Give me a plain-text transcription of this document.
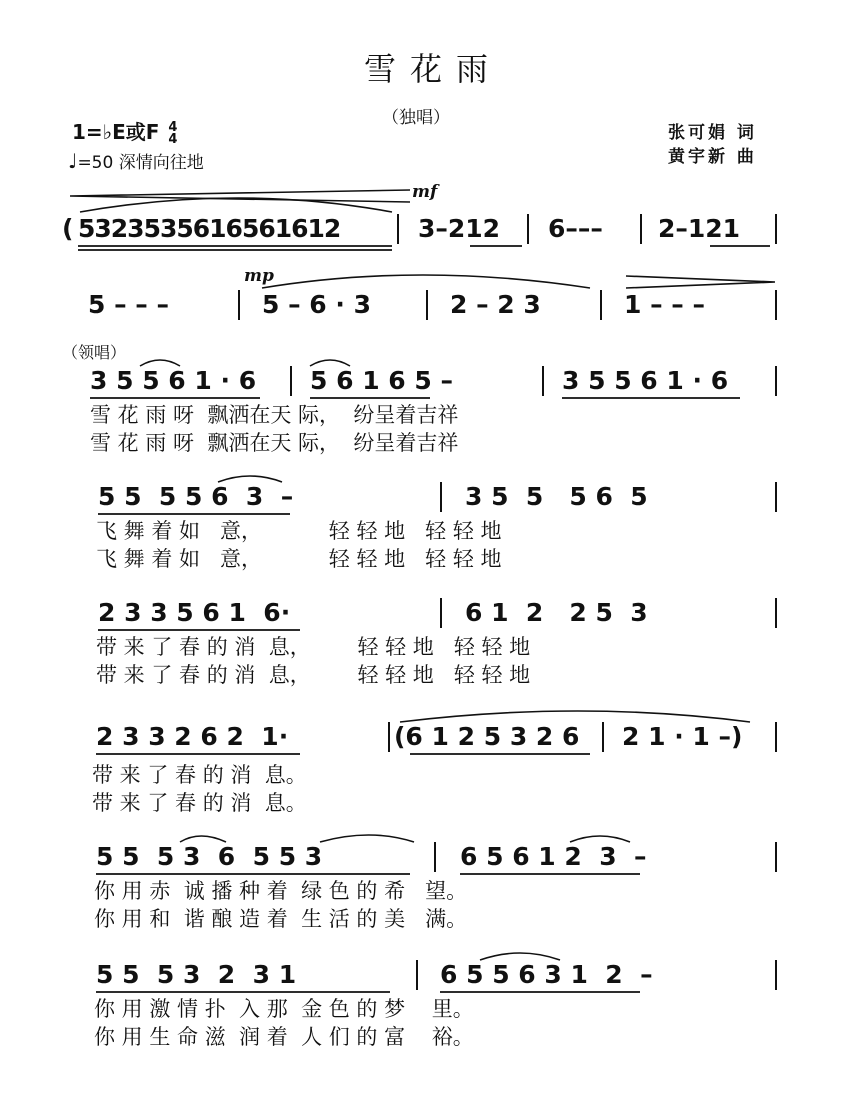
雪花雨
（独唱）
1=♭E或F 4
4
♩=50 深情向往地
张可娟 词
黄宇新 曲
mf
mp
（领唱）
( 5323535616561612	3–212 6––– 2–121
5 – – –	5 – 6 · 3	2 – 2 3	1 – – –
3 5 5 6 1 · 6 5 6 1 6 5 –	3 5 5 6 1 · 6
雪 花 雨 呀  飘洒在天 际，  纷呈着吉祥
雪 花 雨 呀  飘洒在天 际，  纷呈着吉祥
5 5  5 5 6  3  –	3 5  5   5 6  5
飞 舞 着 如   意，          轻 轻 地   轻 轻 地
飞 舞 着 如   意，          轻 轻 地   轻 轻 地
2 3 3 5 6 1  6·	6 1  2   2 5  3
带 来 了 春 的 消  息，       轻 轻 地   轻 轻 地
带 来 了 春 的 消  息，       轻 轻 地   轻 轻 地
2 3 3 2 6 2  1·	(6 1 2 5 3 2 6 2 1 · 1 –)
带 来 了 春 的 消  息。
带 来 了 春 的 消  息。
5 5  5 3  6  5 5 3	6 5 6 1 2  3  –
你 用 赤  诚 播 种 着  绿 色 的 希   望。
你 用 和  谐 酿 造 着  生 活 的 美   满。
5 5  5 3  2  3 1	6 5 5 6 3 1  2  –
你 用 激 情 扑  入 那  金 色 的 梦    里。
你 用 生 命 滋  润 着  人 们 的 富    裕。
